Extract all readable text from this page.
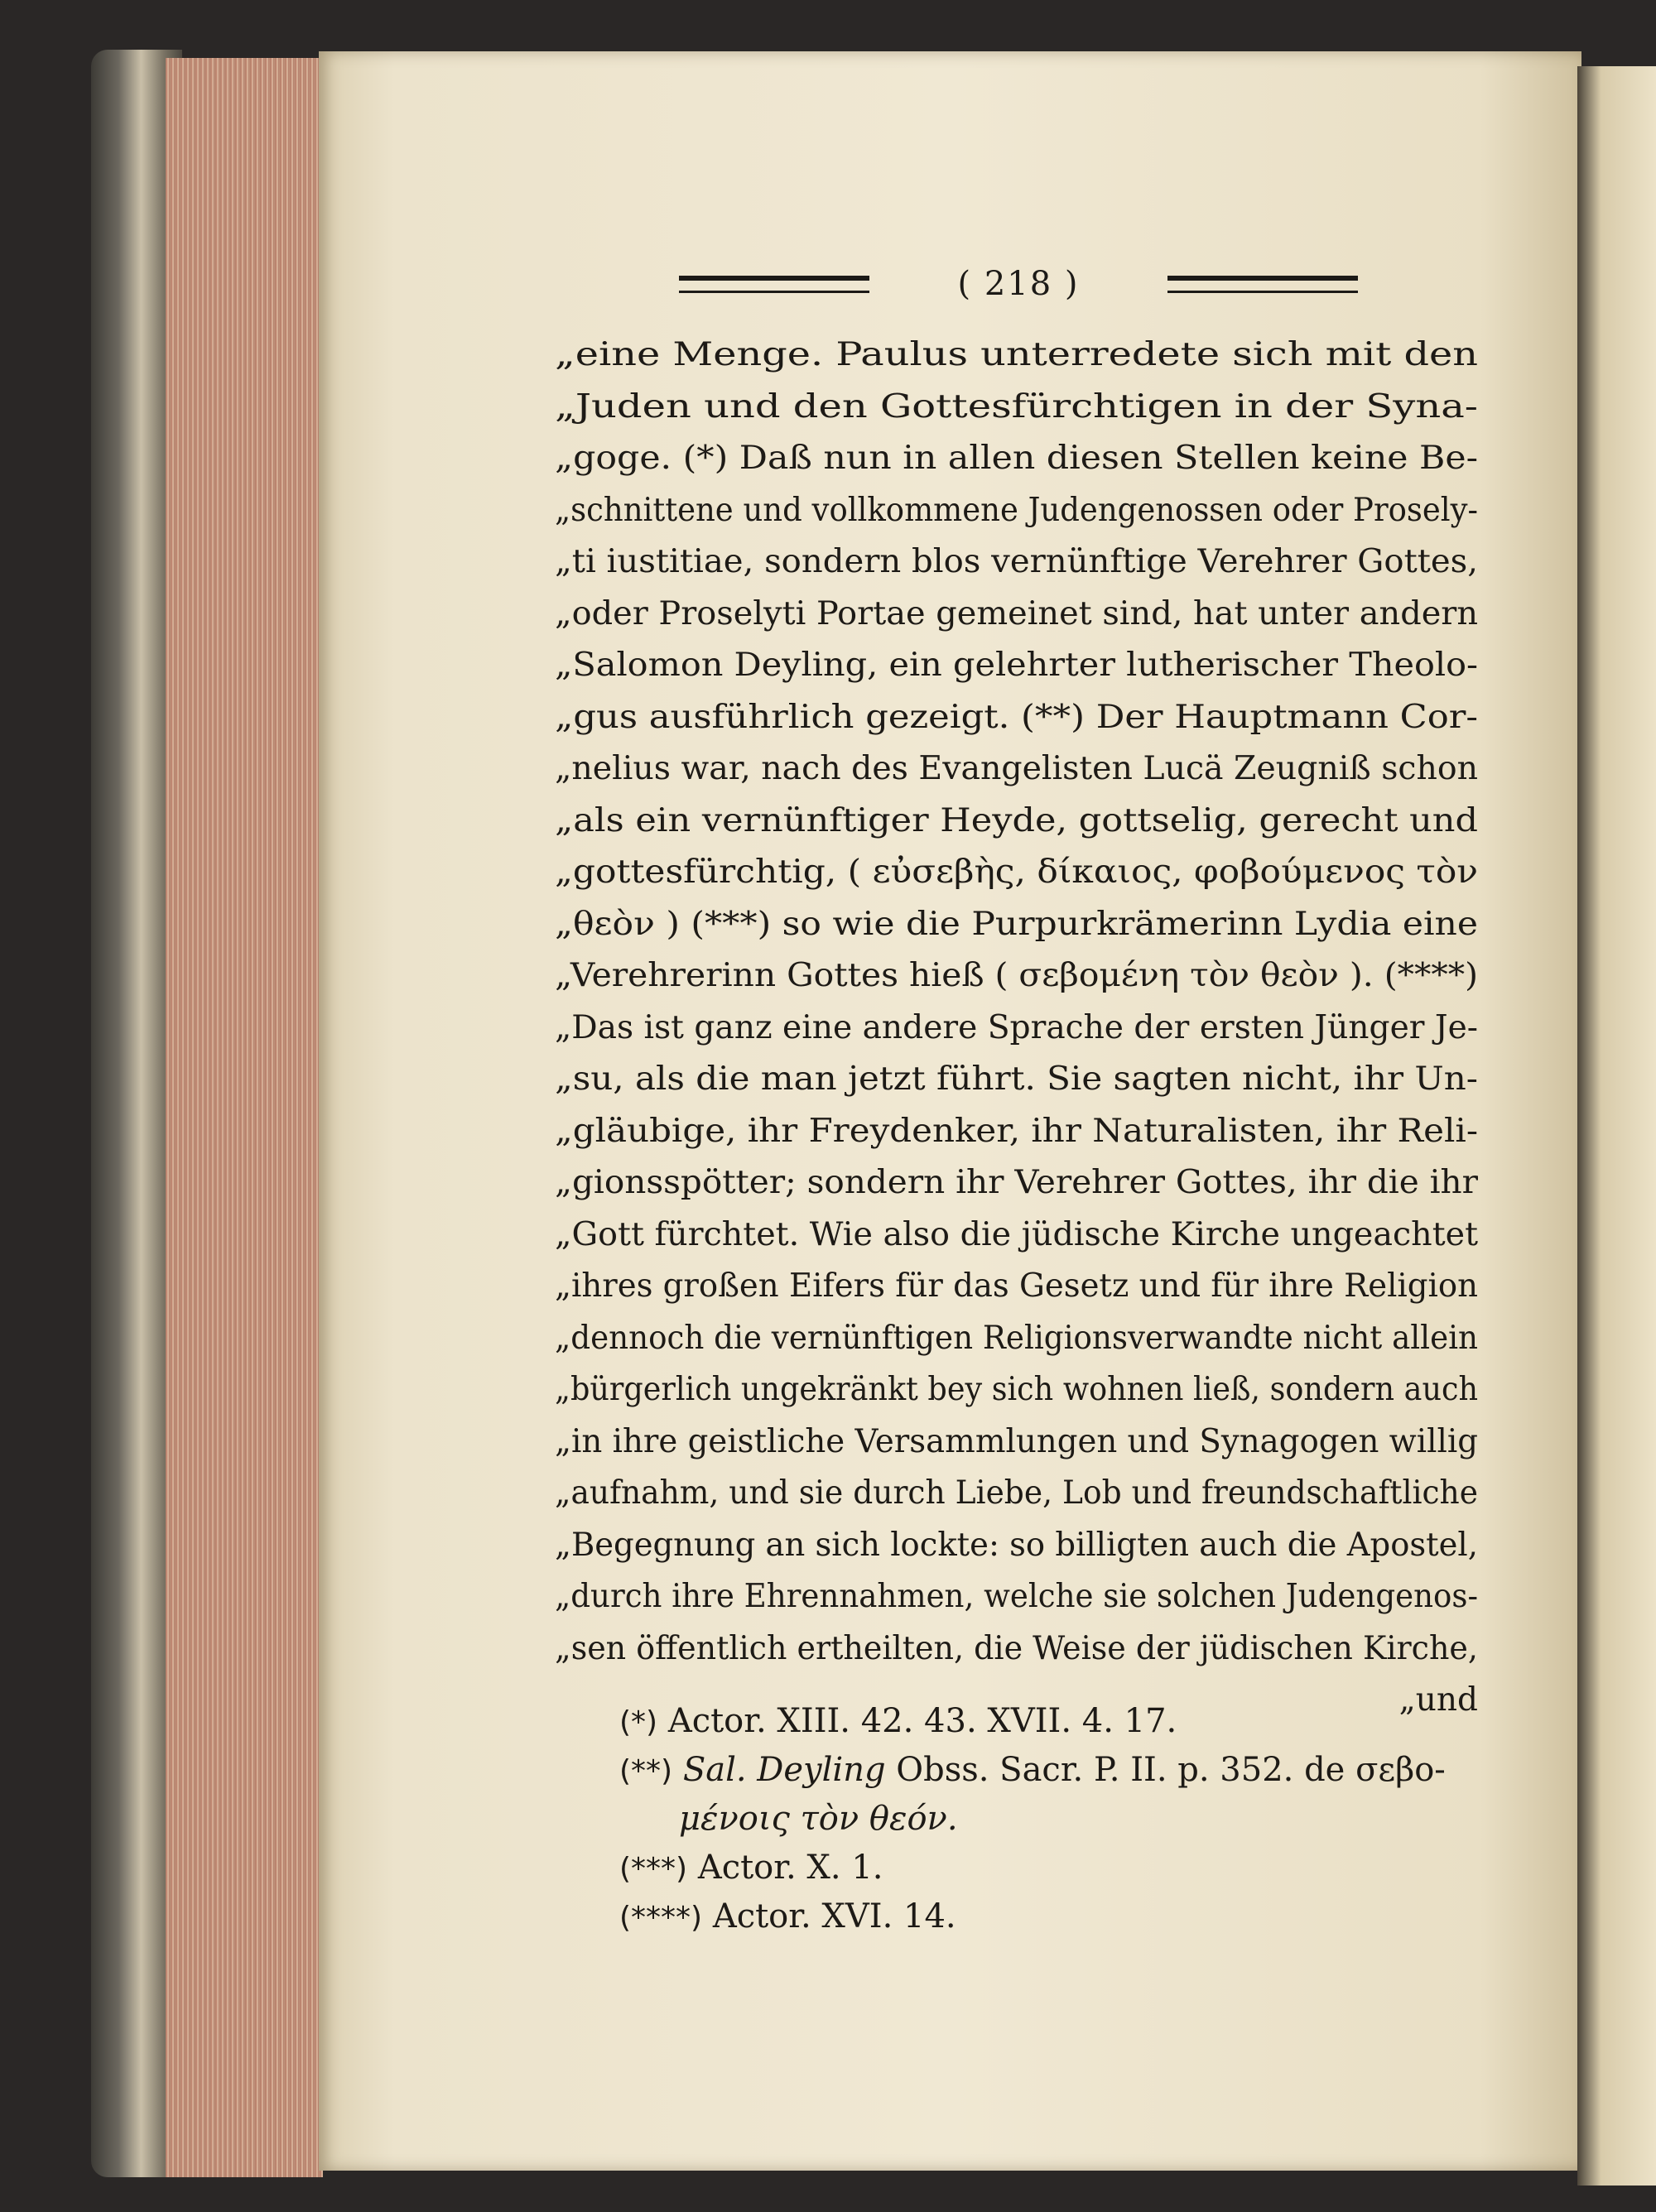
( 218 )
„eine Menge. Paulus unterredete sich mit den
„Juden und den Gottesfürchtigen in der Syna-
„goge. (*) Daß nun in allen diesen Stellen keine Be-
„schnittene und vollkommene Judengenossen oder Prosely-
„ti iustitiae, sondern blos vernünftige Verehrer Gottes,
„oder Proselyti Portae gemeinet sind, hat unter andern
„Salomon Deyling, ein gelehrter lutherischer Theolo-
„gus ausführlich gezeigt. (**) Der Hauptmann Cor-
„nelius war, nach des Evangelisten Lucä Zeugniß schon
„als ein vernünftiger Heyde, gottselig, gerecht und
„gottesfürchtig, ( εὐσεβὴς, δίκαιος, φοβούμενος τὸν
„θεὸν ) (***) so wie die Purpurkrämerinn Lydia eine
„Verehrerinn Gottes hieß ( σεβομένη τὸν θεὸν ). (****)
„Das ist ganz eine andere Sprache der ersten Jünger Je-
„su, als die man jetzt führt. Sie sagten nicht, ihr Un-
„gläubige, ihr Freydenker, ihr Naturalisten, ihr Reli-
„gionsspötter; sondern ihr Verehrer Gottes, ihr die ihr
„Gott fürchtet. Wie also die jüdische Kirche ungeachtet
„ihres großen Eifers für das Gesetz und für ihre Religion
„dennoch die vernünftigen Religionsverwandte nicht allein
„bürgerlich ungekränkt bey sich wohnen ließ, sondern auch
„in ihre geistliche Versammlungen und Synagogen willig
„aufnahm, und sie durch Liebe, Lob und freundschaftliche
„Begegnung an sich lockte: so billigten auch die Apostel,
„durch ihre Ehrennahmen, welche sie solchen Judengenos-
„sen öffentlich ertheilten, die Weise der jüdischen Kirche,
„und
(*) Actor. XIII. 42. 43. XVII. 4. 17.
(**) Sal. Deyling Obss. Sacr. P. II. p. 352. de σεβο-
μένοις τὸν θεόν.
(***) Actor. X. 1.
(****) Actor. XVI. 14.
